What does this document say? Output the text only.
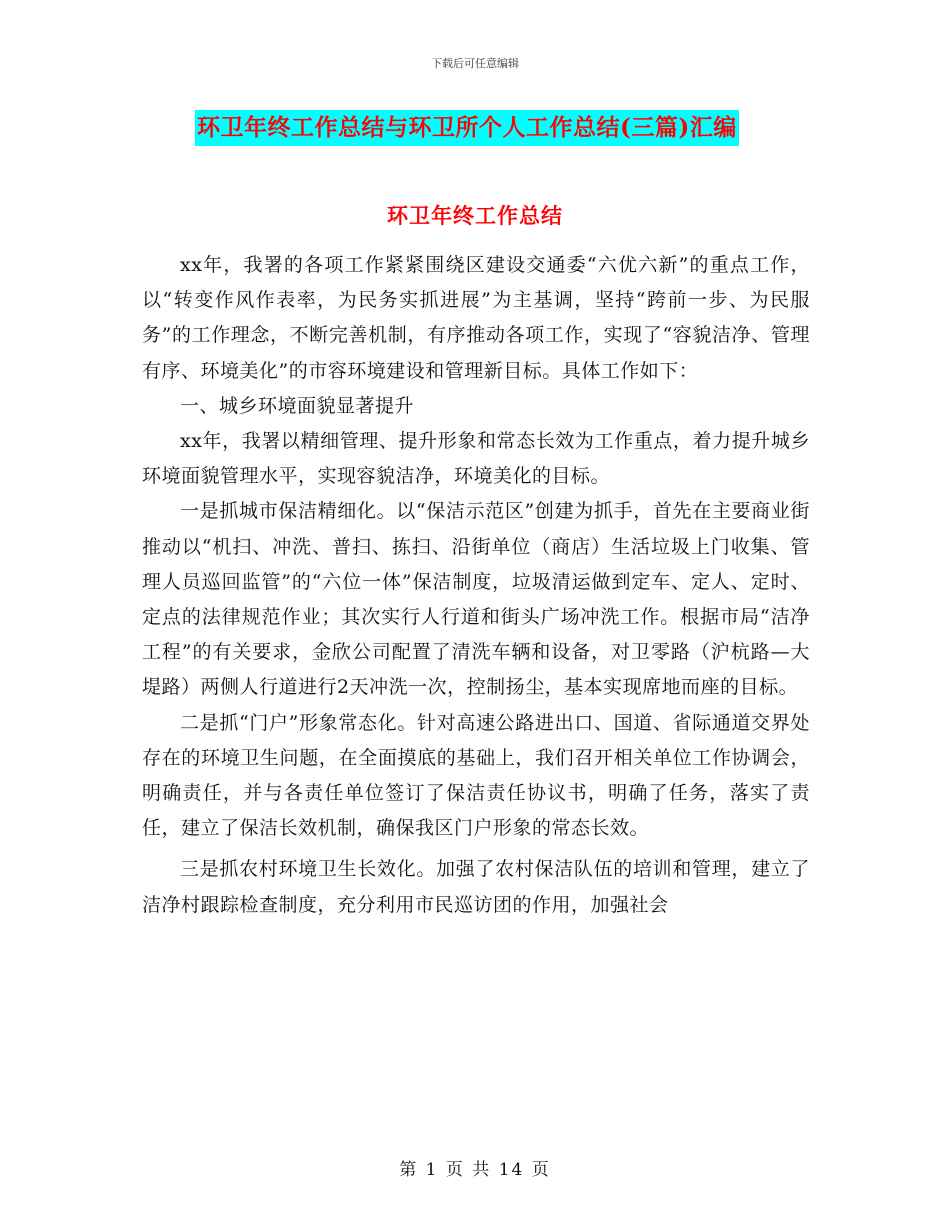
下载后可任意编辑
环卫年终工作总结与环卫所个人工作总结(三篇)汇编
环卫年终工作总结

xx年，我署的各项工作紧紧围绕区建设交通委“六优六新”的重点工作，以“转变作风作表率，为民务实抓进展”为主基调，坚持“跨前一步、为民服务”的工作理念，不断完善机制，有序推动各项工作，实现了“容貌洁净、管理有序、环境美化”的市容环境建设和管理新目标。具体工作如下：

一、城乡环境面貌显著提升

xx年，我署以精细管理、提升形象和常态长效为工作重点，着力提升城乡环境面貌管理水平，实现容貌洁净，环境美化的目标。

一是抓城市保洁精细化。以“保洁示范区”创建为抓手，首先在主要商业街推动以“机扫、冲洗、普扫、拣扫、沿街单位（商店）生活垃圾上门收集、管理人员巡回监管”的“六位一体”保洁制度，垃圾清运做到定车、定人、定时、定点的法律规范作业；其次实行人行道和街头广场冲洗工作。根据市局“洁净工程”的有关要求，金欣公司配置了清洗车辆和设备，对卫零路（沪杭路—大堤路）两侧人行道进行2天冲洗一次，控制扬尘，基本实现席地而座的目标。

二是抓“门户”形象常态化。针对高速公路进出口、国道、省际通道交界处存在的环境卫生问题，在全面摸底的基础上，我们召开相关单位工作协调会，明确责任，并与各责任单位签订了保洁责任协议书，明确了任务，落实了责任，建立了保洁长效机制，确保我区门户形象的常态长效。

三是抓农村环境卫生长效化。加强了农村保洁队伍的培训和管理，建立了洁净村跟踪检查制度，充分利用市民巡访团的作用，加强社会

第 1 页 共 14 页
